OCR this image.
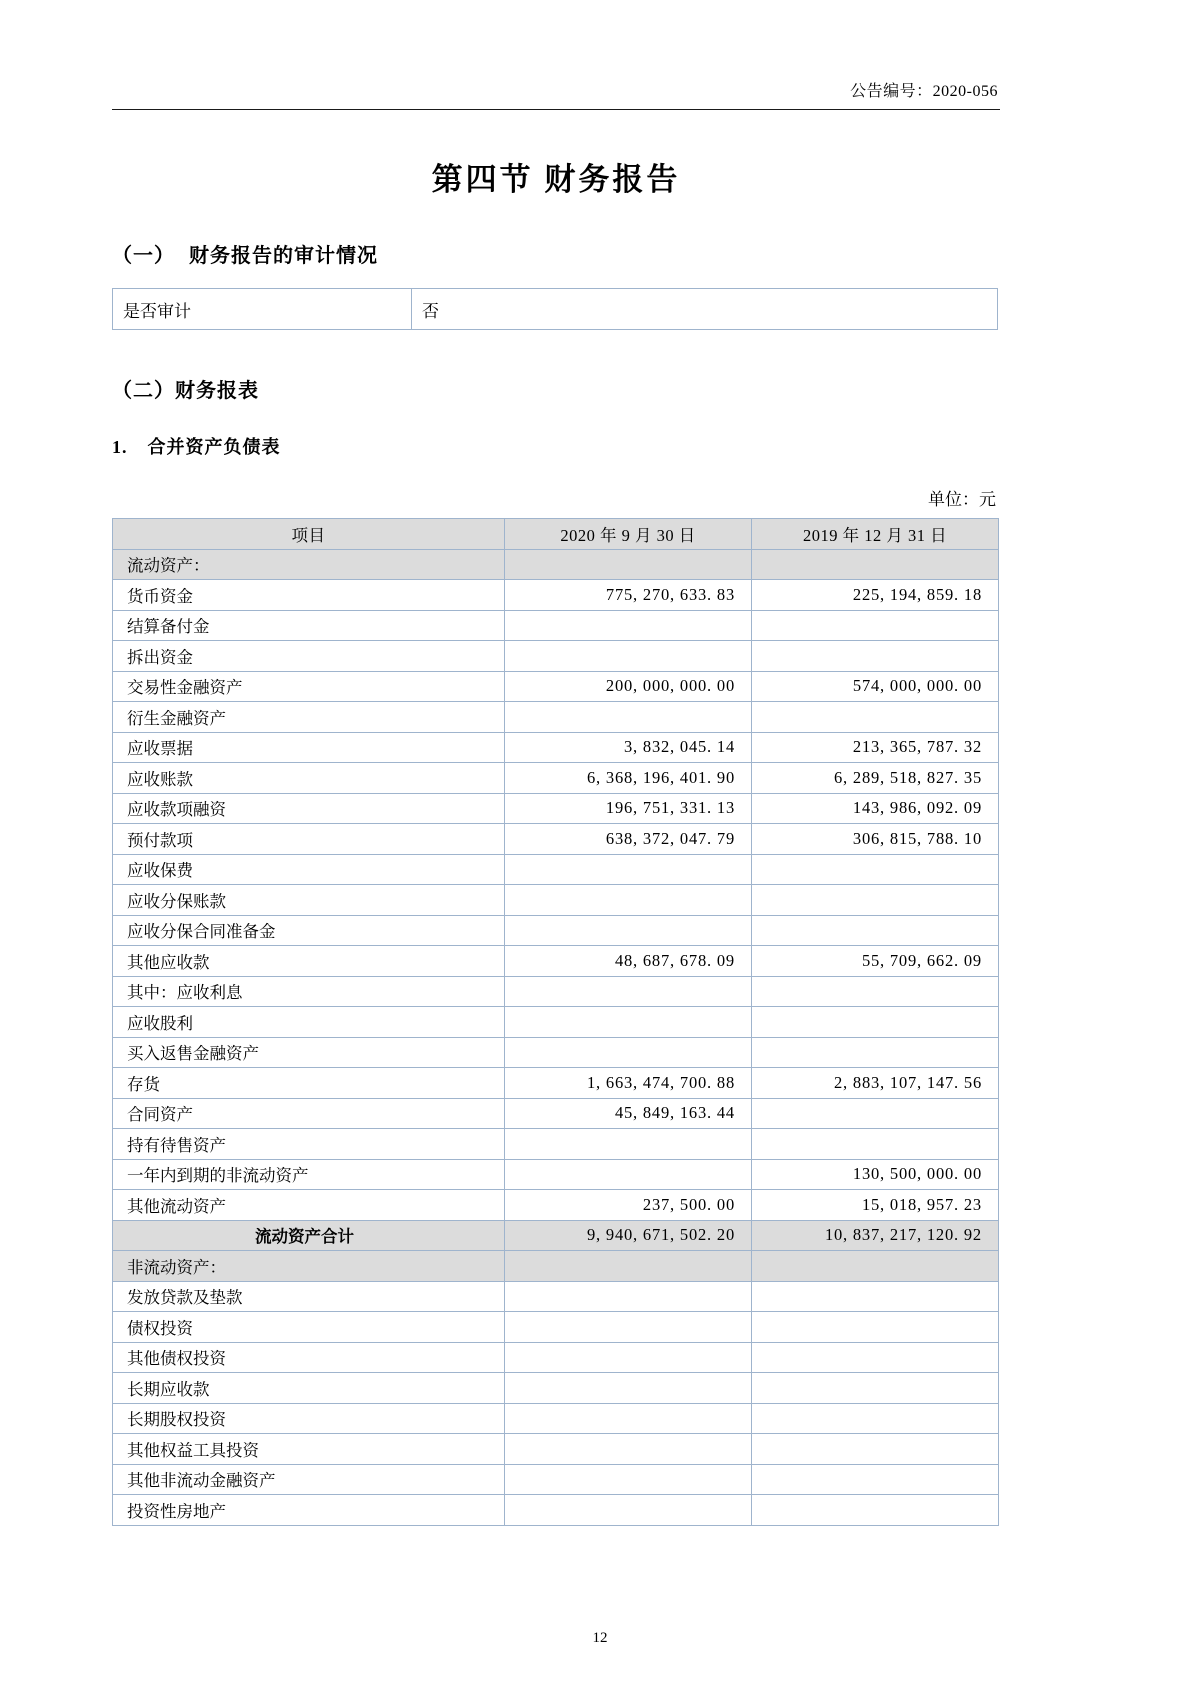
公告编号：2020-056
第四节 财务报告
（一） 财务报告的审计情况
是否审计	否
（二）财务报表
1. 合并资产负债表
单位：元
项目	2020 年 9 月 30 日	2019 年 12 月 31 日
流动资产：		
货币资金	775, 270, 633. 83	225, 194, 859. 18
结算备付金		
拆出资金		
交易性金融资产	200, 000, 000. 00	574, 000, 000. 00
衍生金融资产		
应收票据	3, 832, 045. 14	213, 365, 787. 32
应收账款	6, 368, 196, 401. 90	6, 289, 518, 827. 35
应收款项融资	196, 751, 331. 13	143, 986, 092. 09
预付款项	638, 372, 047. 79	306, 815, 788. 10
应收保费		
应收分保账款		
应收分保合同准备金		
其他应收款	48, 687, 678. 09	55, 709, 662. 09
其中：应收利息		
应收股利		
买入返售金融资产		
存货	1, 663, 474, 700. 88	2, 883, 107, 147. 56
合同资产	45, 849, 163. 44	
持有待售资产		
一年内到期的非流动资产		130, 500, 000. 00
其他流动资产	237, 500. 00	15, 018, 957. 23
流动资产合计	9, 940, 671, 502. 20	10, 837, 217, 120. 92
非流动资产：		
发放贷款及垫款		
债权投资		
其他债权投资		
长期应收款		
长期股权投资		
其他权益工具投资		
其他非流动金融资产		
投资性房地产		
12
